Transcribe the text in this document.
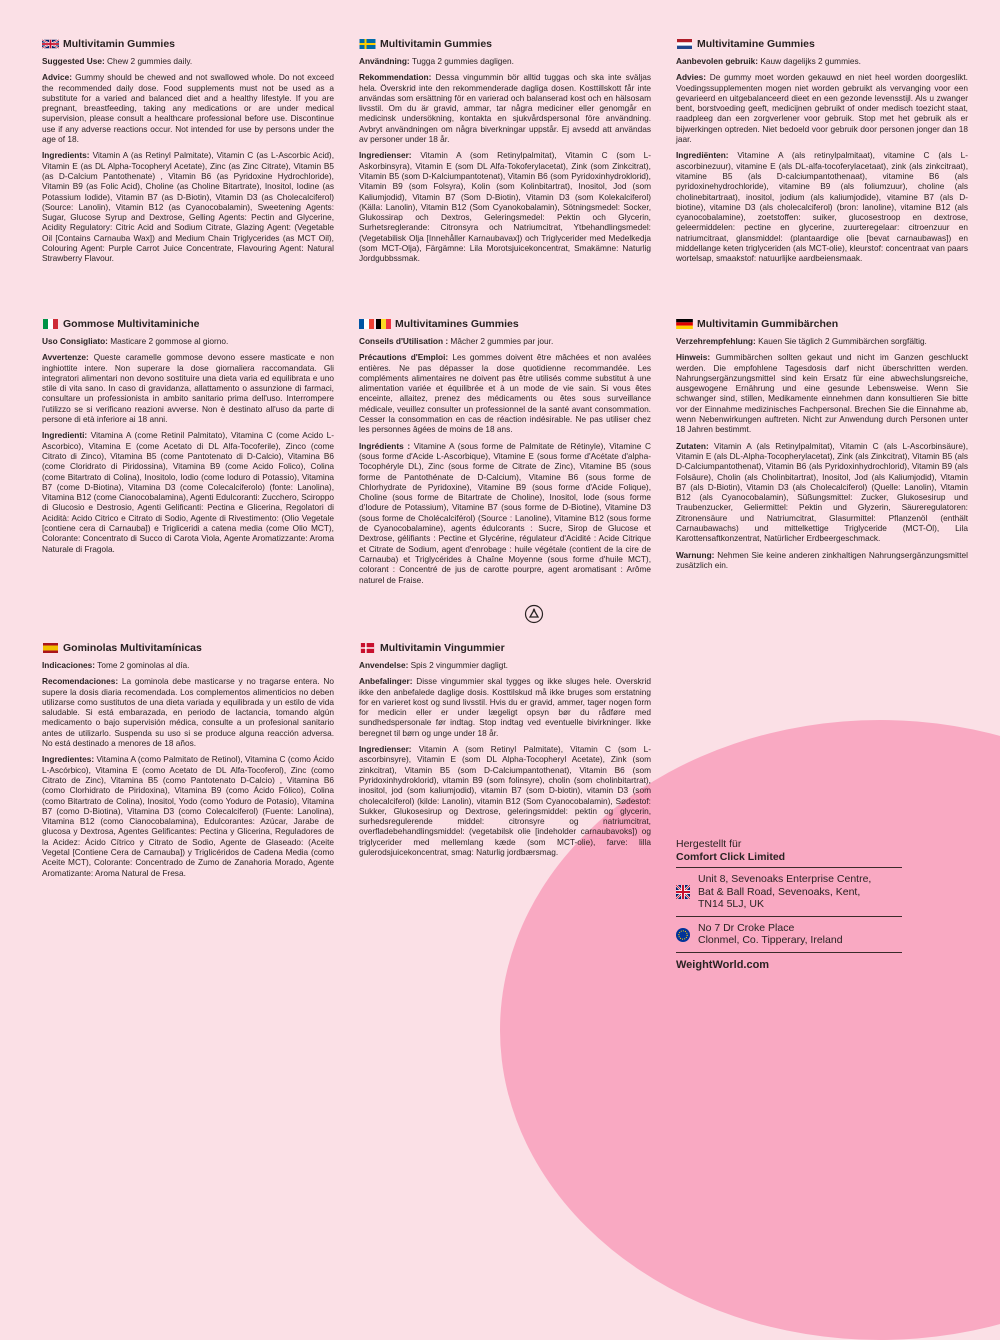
Multivitamin Gummies

Suggested Use: Chew 2 gummies daily.

Advice: Gummy should be chewed and not swallowed whole. Do not exceed the recommended daily dose. Food supplements must not be used as a substitute for a varied and balanced diet and a healthy lifestyle. If you are pregnant, breastfeeding, taking any medications or are under medical supervision, please consult a healthcare professional before use. Discontinue use if any adverse reactions occur. Not intended for use by persons under the age of 18.

Ingredients: Vitamin A (as Retinyl Palmitate), Vitamin C (as L-Ascorbic Acid), Vitamin E (as DL Alpha-Tocopheryl Acetate), Zinc (as Zinc Citrate), Vitamin B5 (as D-Calcium Pantothenate) , Vitamin B6 (as Pyridoxine Hydrochloride), Vitamin B9 (as Folic Acid), Choline (as Choline Bitartrate), Inositol, Iodine (as Potassium Iodide), Vitamin B7 (as D-Biotin), Vitamin D3 (as Cholecalciferol) (Source: Lanolin), Vitamin B12 (as Cyanocobalamin), Sweetening Agents: Sugar, Glucose Syrup and Dextrose, Gelling Agents: Pectin and Glycerine, Acidity Regulatory: Citric Acid and Sodium Citrate, Glazing Agent: (Vegetable Oil [Contains Carnauba Wax]) and Medium Chain Triglycerides (as MCT Oil), Colouring Agent: Purple Carrot Juice Concentrate, Flavouring Agent: Natural Strawberry Flavour.

Multivitamin Gummies

Användning: Tugga 2 gummies dagligen.

Rekommendation: Dessa vingummin bör alltid tuggas och ska inte sväljas hela. Överskrid inte den rekommenderade dagliga dosen. Kosttillskott får inte användas som ersättning för en varierad och balanserad kost och en hälsosam livsstil. Om du är gravid, ammar, tar några mediciner eller genomgår en medicinsk undersökning, kontakta en sjukvårdspersonal före användning. Avbryt användningen om några biverkningar uppstår. Ej avsedd att användas av personer under 18 år.

Ingredienser: Vitamin A (som Retinylpalmitat), Vitamin C (som L-Askorbinsyra), Vitamin E (som DL Alfa-Tokoferylacetat), Zink (som Zinkcitrat), Vitamin B5 (som D-Kalciumpantotenat), Vitamin B6 (som Pyridoxinhydroklorid), Vitamin B9 (som Folsyra), Kolin (som Kolinbitartrat), Inositol, Jod (som Kaliumjodid), Vitamin B7 (Som D-Biotin), Vitamin D3 (som Kolekalciferol) (Källa: Lanolin), Vitamin B12 (Som Cyanokobalamin), Sötningsmedel: Socker, Glukossirap och Dextros, Geleringsmedel: Pektin och Glycerin, Surhetsreglerande: Citronsyra och Natriumcitrat, Ytbehandlingsmedel: (Vegetabilisk Olja [Innehåller Karnaubavax]) och Triglycerider med Medelkedja (som MCT-Olja), Färgämne: Lila Morotsjuicekoncentrat, Smakämne: Naturlig Jordgubbssmak.

Multivitamine Gummies

Aanbevolen gebruik: Kauw dagelijks 2 gummies.

Advies: De gummy moet worden gekauwd en niet heel worden doorgeslikt. Voedingssupplementen mogen niet worden gebruikt als vervanging voor een gevarieerd en uitgebalanceerd dieet en een gezonde levensstijl. Als u zwanger bent, borstvoeding geeft, medicijnen gebruikt of onder medisch toezicht staat, raadpleeg dan een zorgverlener voor gebruik. Stop met het gebruik als er bijwerkingen optreden. Niet bedoeld voor gebruik door personen jonger dan 18 jaar.

Ingrediënten: Vitamine A (als retinylpalmitaat), vitamine C (als L-ascorbinezuur), vitamine E (als DL-alfa-tocoferylacetaat), zink (als zinkcitraat), vitamine B5 (als D-calciumpantothenaat), vitamine B6 (als pyridoxinehydrochloride), vitamine B9 (als foliumzuur), choline (als cholinebitartraat), inositol, jodium (als kaliumjodide), vitamine B7 (als D-biotine), vitamine D3 (als cholecalciferol) (bron: lanoline), vitamine B12 (als cyanocobalamine), zoetstoffen: suiker, glucosestroop en dextrose, geleermiddelen: pectine en glycerine, zuurteregelaar: citroenzuur en natriumcitraat, glansmiddel: (plantaardige olie [bevat carnaubawas]) en middellange keten triglyceriden (als MCT-olie), kleurstof: concentraat van paars wortelsap, smaakstof: natuurlijke aardbeiensmaak.

Gommose Multivitaminiche

Uso Consigliato: Masticare 2 gommose al giorno.

Avvertenze: Queste caramelle gommose devono essere masticate e non inghiottite intere. Non superare la dose giornaliera raccomandata. Gli integratori alimentari non devono sostituire una dieta varia ed equilibrata e uno stile di vita sano. In caso di gravidanza, allattamento o assunzione di farmaci, consultare un professionista in ambito sanitario prima dell'uso. Interrompere l'utilizzo se si verificano reazioni avverse. Non è destinato all'uso da parte di persone di età inferiore ai 18 anni.

Ingredienti: Vitamina A (come Retinil Palmitato), Vitamina C (come Acido L-Ascorbico), Vitamina E (come Acetato di DL Alfa-Tocoferile), Zinco (come Citrato di Zinco), Vitamina B5 (come Pantotenato di D-Calcio), Vitamina B6 (come Cloridrato di Piridossina), Vitamina B9 (come Acido Folico), Colina (come Bitartrato di Colina), Inositolo, Iodio (come Ioduro di Potassio), Vitamina B7 (come D-Biotina), Vitamina D3 (come Colecalciferolo) (fonte: Lanolina), Vitamina B12 (come Cianocobalamina), Agenti Edulcoranti: Zucchero, Sciroppo di Glucosio e Destrosio, Agenti Gelificanti: Pectina e Glicerina, Regolatori di Acidità: Acido Citrico e Citrato di Sodio, Agente di Rivestimento: (Olio Vegetale [contiene cera di Carnauba]) e Trigliceridi a catena media (come Olio MCT), Colorante: Concentrato di Succo di Carota Viola, Agente Aromatizzante: Aroma Naturale di Fragola.

Multivitamines Gummies

Conseils d'Utilisation : Mâcher 2 gummies par jour.

Précautions d'Emploi: Les gommes doivent être mâchées et non avalées entières. Ne pas dépasser la dose quotidienne recommandée. Les compléments alimentaires ne doivent pas être utilisés comme substitut à une alimentation variée et équilibrée et à un mode de vie sain. Si vous êtes enceinte, allaitez, prenez des médicaments ou êtes sous surveillance médicale, veuillez consulter un professionnel de la santé avant consommation. Cesser la consommation en cas de réaction indésirable. Ne pas utiliser chez les personnes âgées de moins de 18 ans.

Ingrédients : Vitamine A (sous forme de Palmitate de Rétinyle), Vitamine C (sous forme d'Acide L-Ascorbique), Vitamine E (sous forme d'Acétate d'alpha-Tocophéryle DL), Zinc (sous forme de Citrate de Zinc), Vitamine B5 (sous forme de Pantothénate de D-Calcium), Vitamine B6 (sous forme de Chlorhydrate de Pyridoxine), Vitamine B9 (sous forme d'Acide Folique), Choline (sous forme de Bitartrate de Choline), Inositol, Iode (sous forme d'Iodure de Potassium), Vitamine B7 (sous forme de D-Biotine), Vitamine D3 (sous forme de Cholécalciférol) (Source : Lanoline), Vitamine B12 (sous forme de Cyanocobalamine), agents édulcorants : Sucre, Sirop de Glucose et Dextrose, gélifiants : Pectine et Glycérine, régulateur d'Acidité : Acide Citrique et Citrate de Sodium, agent d'enrobage : huile végétale (contient de la cire de Carnauba) et Triglycérides à Chaîne Moyenne (sous forme d'huile MCT), colorant : Concentré de jus de carotte pourpre, agent aromatisant : Arôme naturel de Fraise.

Multivitamin Gummibärchen

Verzehrempfehlung: Kauen Sie täglich 2 Gummibärchen sorgfältig.

Hinweis: Gummibärchen sollten gekaut und nicht im Ganzen geschluckt werden. Die empfohlene Tagesdosis darf nicht überschritten werden. Nahrungsergänzungsmittel sind kein Ersatz für eine abwechslungsreiche, ausgewogene Ernährung und eine gesunde Lebensweise. Wenn Sie schwanger sind, stillen, Medikamente einnehmen dann konsultieren Sie bitte vor der Einnahme medizinisches Fachpersonal. Brechen Sie die Einnahme ab, wenn Nebenwirkungen auftreten. Nicht zur Anwendung durch Personen unter 18 Jahren bestimmt.

Zutaten: Vitamin A (als Retinylpalmitat), Vitamin C (als L-Ascorbinsäure), Vitamin E (als DL-Alpha-Tocopherylacetat), Zink (als Zinkcitrat), Vitamin B5 (als D-Calciumpantothenat), Vitamin B6 (als Pyridoxinhydrochlorid), Vitamin B9 (als Folsäure), Cholin (als Cholinbitartrat), Inositol, Jod (als Kaliumjodid), Vitamin B7 (als D-Biotin), Vitamin D3 (als Cholecalciferol) (Quelle: Lanolin), Vitamin B12 (als Cyanocobalamin), Süßungsmittel: Zucker, Glukosesirup und Traubenzucker, Geliermittel: Pektin und Glyzerin, Säureregulatoren: Zitronensäure und Natriumcitrat, Glasurmittel: Pflanzenöl (enthält Carnaubawachs) und mittelkettige Triglyceride (MCT-Öl), Lila Karottensaftkonzentrat, Natürlicher Erdbeergeschmack.

Warnung: Nehmen Sie keine anderen zinkhaltigen Nahrungsergänzungsmittel zusätzlich ein.

Gominolas Multivitamínicas

Indicaciones: Tome 2 gominolas al día.

Recomendaciones: La gominola debe masticarse y no tragarse entera. No supere la dosis diaria recomendada. Los complementos alimenticios no deben utilizarse como sustitutos de una dieta variada y equilibrada y un estilo de vida saludable. Si está embarazada, en periodo de lactancia, tomando algún medicamento o bajo supervisión médica, consulte a un profesional sanitario antes de utilizarlo. Suspenda su uso si se produce alguna reacción adversa. No está destinado a menores de 18 años.

Ingredientes: Vitamina A (como Palmitato de Retinol), Vitamina C (como Ácido L-Ascórbico), Vitamina E (como Acetato de DL Alfa-Tocoferol), Zinc (como Citrato de Zinc), Vitamina B5 (como Pantotenato D-Calcio) , Vitamina B6 (como Clorhidrato de Piridoxina), Vitamina B9 (como Ácido Fólico), Colina (como Bitartrato de Colina), Inositol, Yodo (como Yoduro de Potasio), Vitamina B7 (como D-Biotina), Vitamina D3 (como Colecalciferol) (Fuente: Lanolina), Vitamina B12 (como Cianocobalamina), Edulcorantes: Azúcar, Jarabe de glucosa y Dextrosa, Agentes Gelificantes: Pectina y Glicerina, Reguladores de la Acidez: Ácido Cítrico y Citrato de Sodio, Agente de Glaseado: (Aceite Vegetal [Contiene Cera de Carnauba]) y Triglicéridos de Cadena Media (como Aceite MCT), Colorante: Concentrado de Zumo de Zanahoria Morado, Agente Aromatizante: Aroma Natural de Fresa.

Multivitamin Vingummier

Anvendelse: Spis 2 vingummier dagligt.

Anbefalinger: Disse vingummier skal tygges og ikke sluges hele. Overskrid ikke den anbefalede daglige dosis. Kosttilskud må ikke bruges som erstatning for en varieret kost og sund livsstil. Hvis du er gravid, ammer, tager nogen form for medicin eller er under lægeligt opsyn bør du rådføre med sundhedspersonale før indtag. Stop indtag ved eventuelle bivirkninger. Ikke beregnet til børn og unge under 18 år.

Ingredienser: Vitamin A (som Retinyl Palmitate), Vitamin C (som L-ascorbinsyre), Vitamin E (som DL Alpha-Tocopheryl Acetate), Zink (som zinkcitrat), Vitamin B5 (som D-Calciumpantothenat), Vitamin B6 (som Pyridoxinhydroklorid), vitamin B9 (som folinsyre), cholin (som cholinbitartrat), inositol, jod (som kaliumjodid), vitamin B7 (som D-biotin), vitamin D3 (som cholecalciferol) (kilde: Lanolin), vitamin B12 (Som Cyanocobalamin), Sødestof: Sukker, Glukosesirup og Dextrose, geleringsmiddel: pektin og glycerin, surhedsregulerende middel: citronsyre og natriumcitrat, overfladebehandlingsmiddel: (vegetabilsk olie [indeholder carnaubavoks]) og triglycerider med mellemlang kæde (som MCT-olie), farve: lilla gulerodsjuicekoncentrat, smag: Naturlig jordbærsmag.

Hergestellt für
Comfort Click Limited
Unit 8, Sevenoaks Enterprise Centre,
Bat & Ball Road, Sevenoaks, Kent,
TN14 5LJ, UK
No 7 Dr Croke Place
Clonmel, Co. Tipperary, Ireland
WeightWorld.com
